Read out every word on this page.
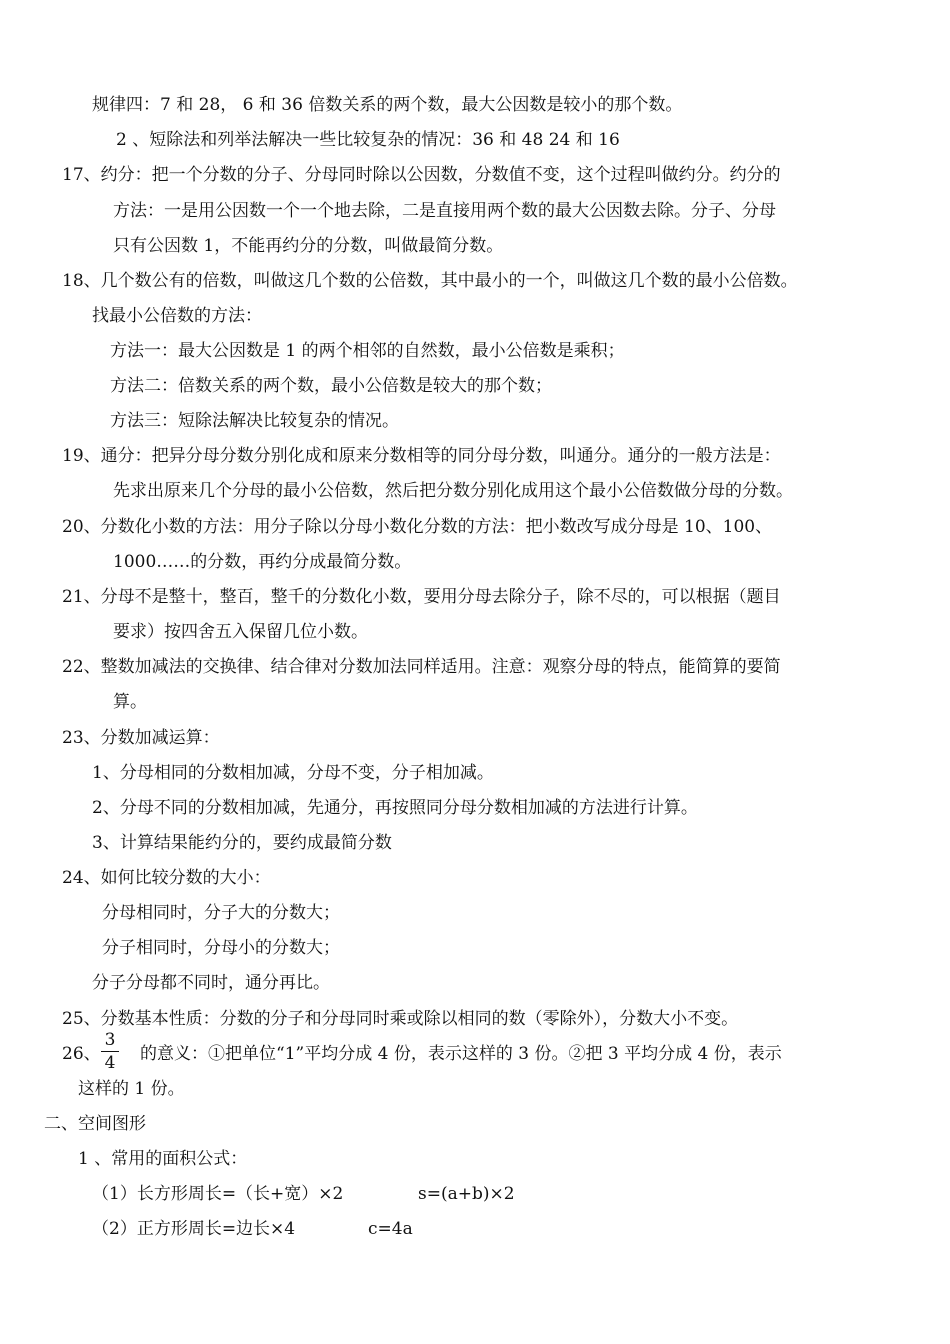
规律四：7 和 28， 6 和 36 倍数关系的两个数，最大公因数是较小的那个数。
2 、短除法和列举法解决一些比较复杂的情况：36 和 48 24 和 16
17、约分：把一个分数的分子、分母同时除以公因数，分数值不变，这个过程叫做约分。约分的
方法：一是用公因数一个一个地去除，二是直接用两个数的最大公因数去除。分子、分母
只有公因数 1，不能再约分的分数，叫做最简分数。
18、几个数公有的倍数，叫做这几个数的公倍数，其中最小的一个，叫做这几个数的最小公倍数。
找最小公倍数的方法：
方法一：最大公因数是 1 的两个相邻的自然数，最小公倍数是乘积；
方法二：倍数关系的两个数，最小公倍数是较大的那个数；
方法三：短除法解决比较复杂的情况。
19、通分：把异分母分数分别化成和原来分数相等的同分母分数，叫通分。通分的一般方法是：
先求出原来几个分母的最小公倍数，然后把分数分别化成用这个最小公倍数做分母的分数。
20、分数化小数的方法：用分子除以分母小数化分数的方法：把小数改写成分母是 10、100、
1000……的分数，再约分成最简分数。
21、分母不是整十，整百，整千的分数化小数，要用分母去除分子，除不尽的，可以根据（题目
要求）按四舍五入保留几位小数。
22、整数加减法的交换律、结合律对分数加法同样适用。注意：观察分母的特点，能简算的要简
算。
23、分数加减运算：
1、分母相同的分数相加减，分母不变，分子相加减。
2、分母不同的分数相加减，先通分，再按照同分母分数相加减的方法进行计算。
3、计算结果能约分的，要约成最简分数
24、如何比较分数的大小：
分母相同时，分子大的分数大；
分子相同时，分母小的分数大；
分子分母都不同时，通分再比。
25、分数基本性质：分数的分子和分母同时乘或除以相同的数（零除外），分数大小不变。
26、
3
4	的意义：①把单位“1”平均分成 4 份，表示这样的 3 份。②把 3 平均分成 4 份，表示
这样的 1 份。
二、空间图形
1 、常用的面积公式：
（1）长方形周长=（长+宽）×2	s=(a+b)×2
（2）正方形周长=边长×4	c=4a
